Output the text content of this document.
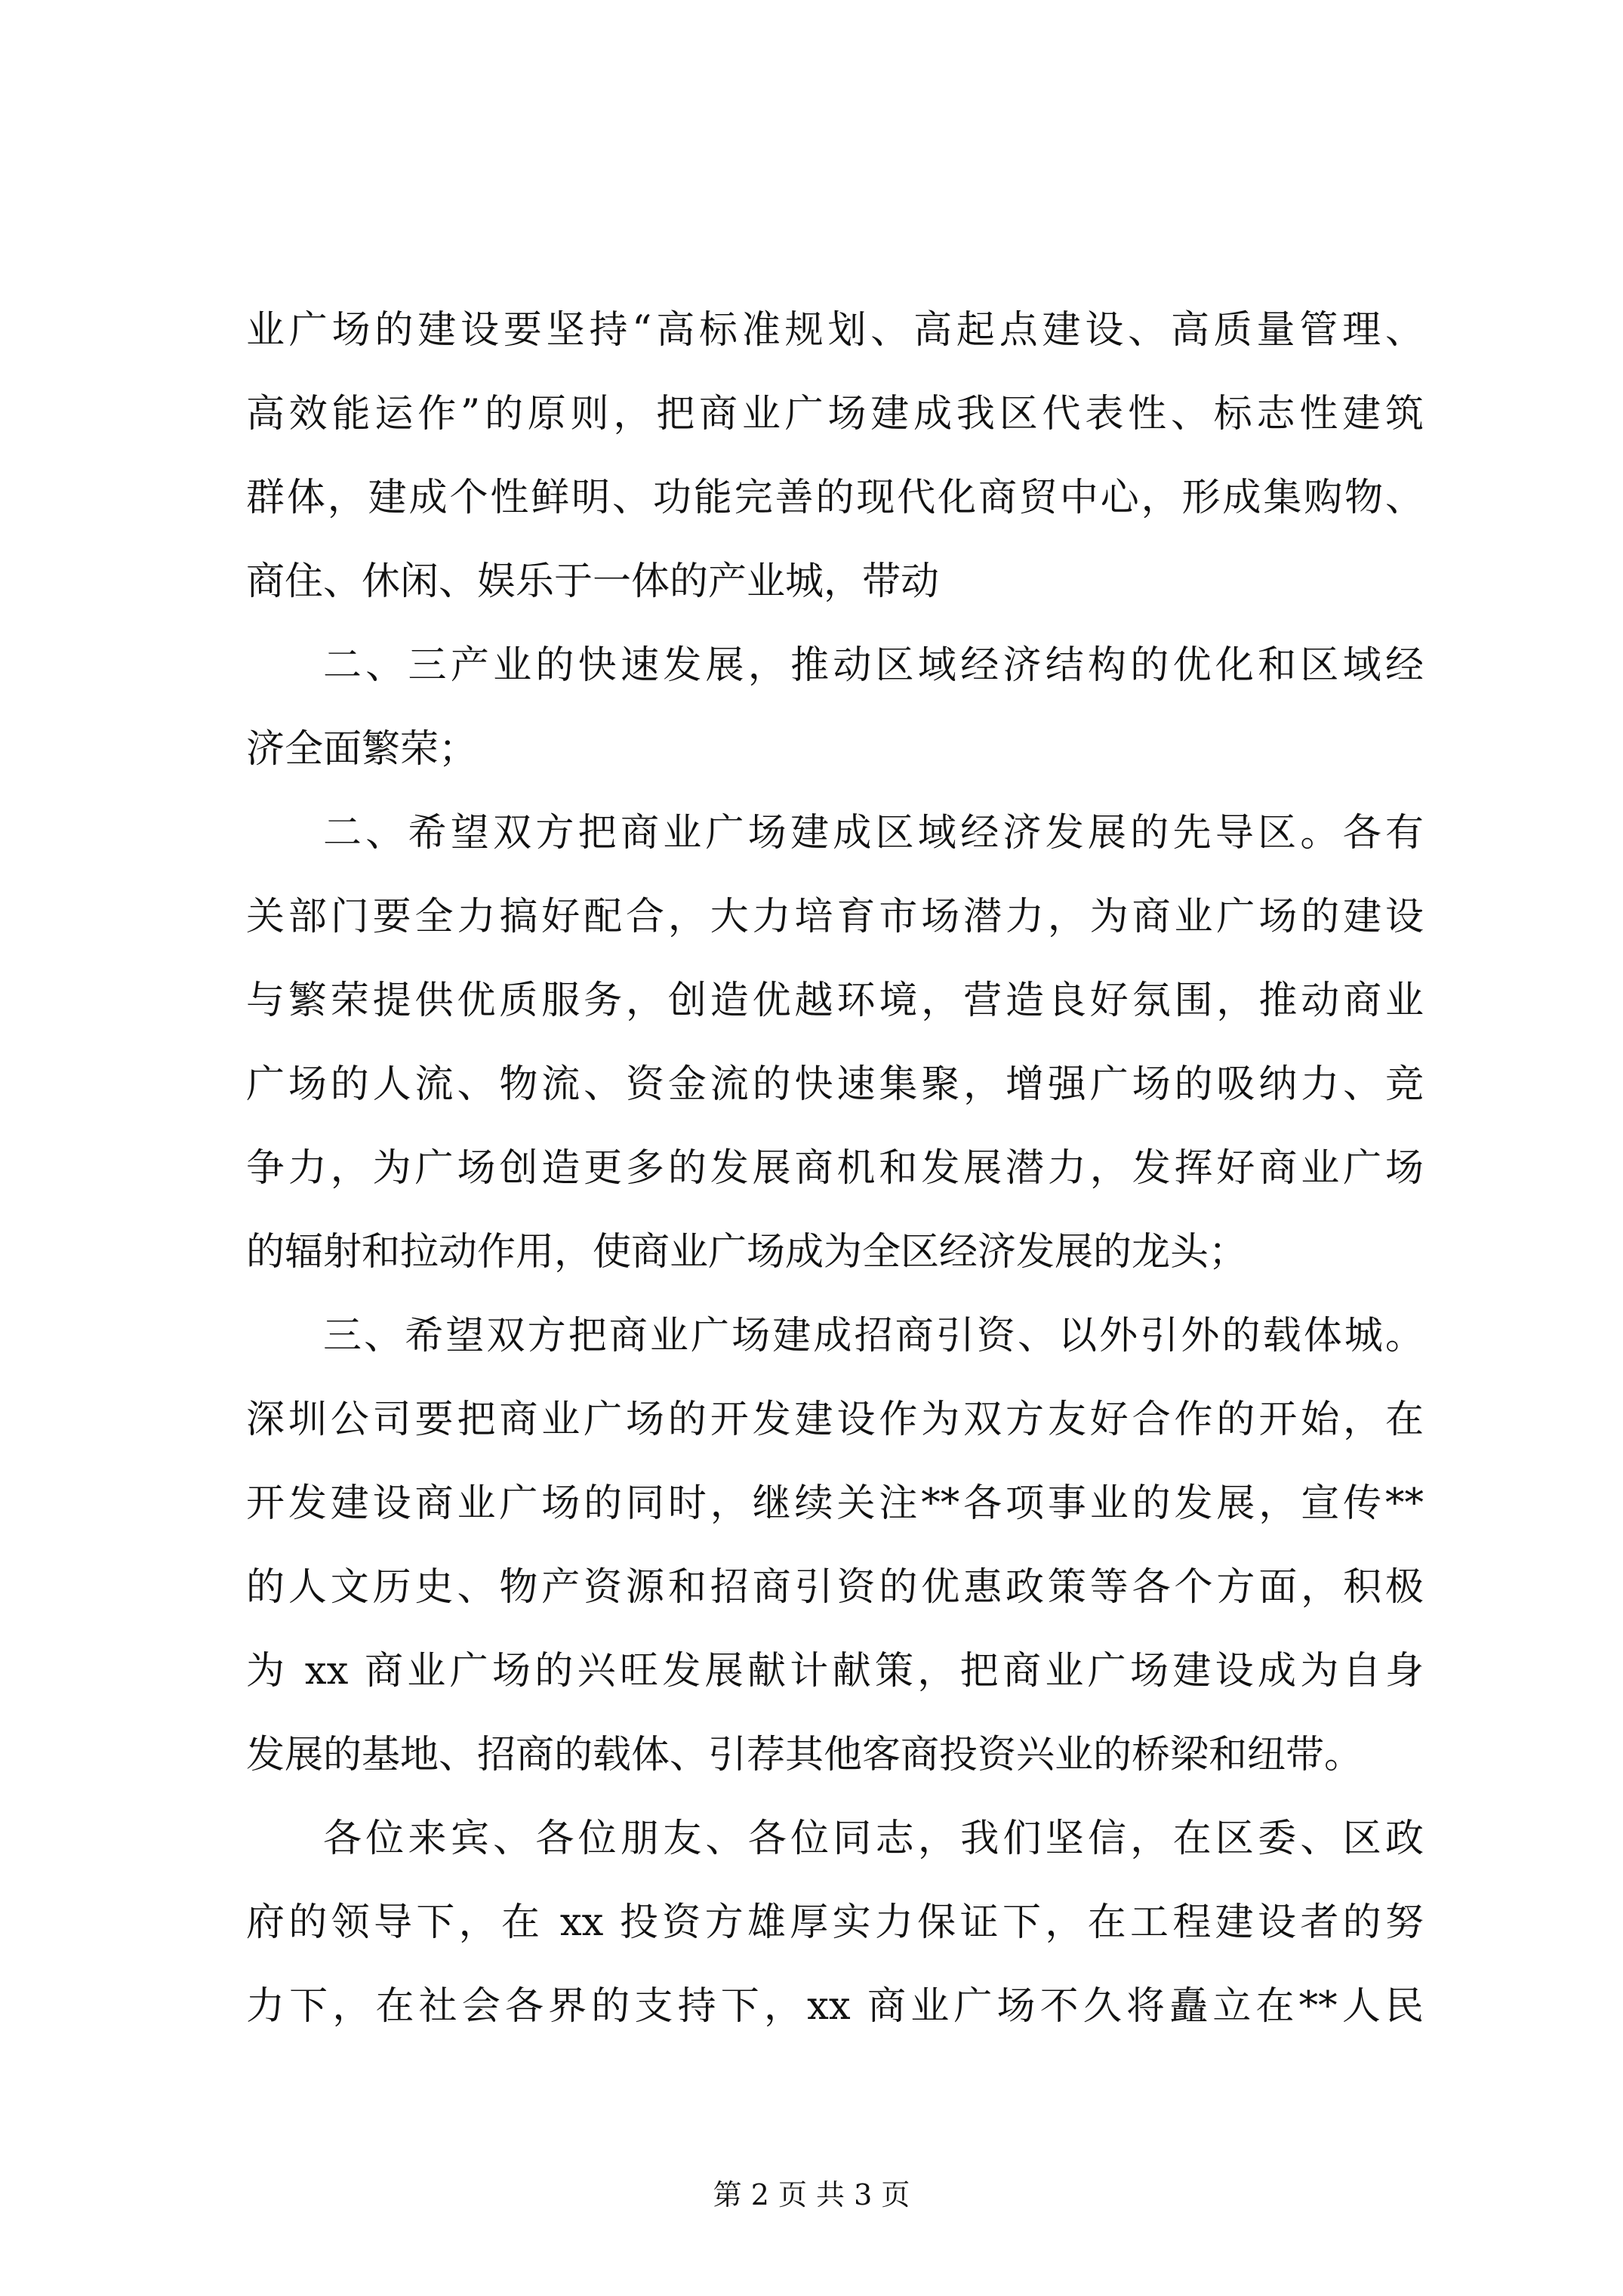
业广场的建设要坚持“高标准规划、高起点建设、高质量管理、
高效能运作”的原则，把商业广场建成我区代表性、标志性建筑
群体，建成个性鲜明、功能完善的现代化商贸中心，形成集购物、
商住、休闲、娱乐于一体的产业城，带动
二、三产业的快速发展，推动区域经济结构的优化和区域经
济全面繁荣；
二、希望双方把商业广场建成区域经济发展的先导区。各有
关部门要全力搞好配合，大力培育市场潜力，为商业广场的建设
与繁荣提供优质服务，创造优越环境，营造良好氛围，推动商业
广场的人流、物流、资金流的快速集聚，增强广场的吸纳力、竞
争力，为广场创造更多的发展商机和发展潜力，发挥好商业广场
的辐射和拉动作用，使商业广场成为全区经济发展的龙头；
三、希望双方把商业广场建成招商引资、以外引外的载体城。
深圳公司要把商业广场的开发建设作为双方友好合作的开始，在
开发建设商业广场的同时，继续关注**各项事业的发展，宣传**
的人文历史、物产资源和招商引资的优惠政策等各个方面，积极
为 xx 商业广场的兴旺发展献计献策，把商业广场建设成为自身
发展的基地、招商的载体、引荐其他客商投资兴业的桥梁和纽带。
各位来宾、各位朋友、各位同志，我们坚信，在区委、区政
府的领导下，在 xx 投资方雄厚实力保证下，在工程建设者的努
力下，在社会各界的支持下，xx 商业广场不久将矗立在**人民
第 2 页 共 3 页
